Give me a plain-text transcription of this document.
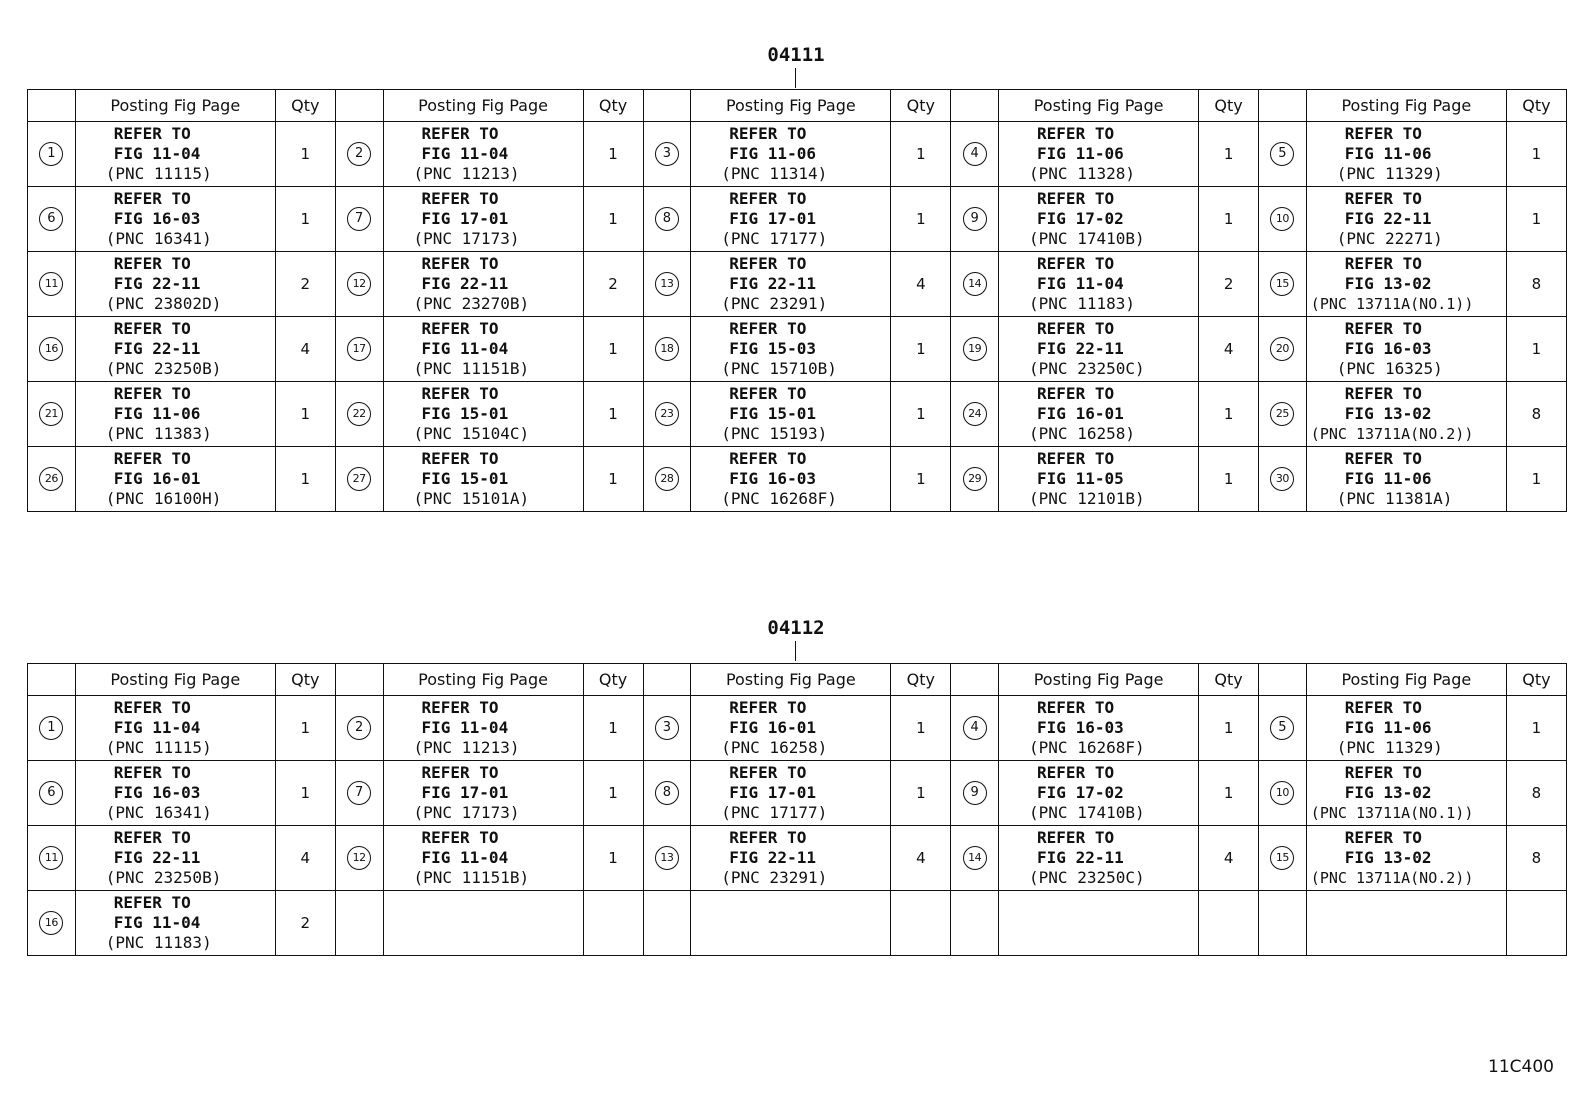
04111
	Posting Fig Page	Qty		Posting Fig Page	Qty		Posting Fig Page	Qty		Posting Fig Page	Qty		Posting Fig Page	Qty
1	REFER TO
FIG 11-04
(PNC 11115)	1	2	REFER TO
FIG 11-04
(PNC 11213)	1	3	REFER TO
FIG 11-06
(PNC 11314)	1	4	REFER TO
FIG 11-06
(PNC 11328)	1	5	REFER TO
FIG 11-06
(PNC 11329)	1
6	REFER TO
FIG 16-03
(PNC 16341)	1	7	REFER TO
FIG 17-01
(PNC 17173)	1	8	REFER TO
FIG 17-01
(PNC 17177)	1	9	REFER TO
FIG 17-02
(PNC 17410B)	1	10	REFER TO
FIG 22-11
(PNC 22271)	1
11	REFER TO
FIG 22-11
(PNC 23802D)	2	12	REFER TO
FIG 22-11
(PNC 23270B)	2	13	REFER TO
FIG 22-11
(PNC 23291)	4	14	REFER TO
FIG 11-04
(PNC 11183)	2	15	REFER TO
FIG 13-02
(PNC 13711A(NO.1))	8
16	REFER TO
FIG 22-11
(PNC 23250B)	4	17	REFER TO
FIG 11-04
(PNC 11151B)	1	18	REFER TO
FIG 15-03
(PNC 15710B)	1	19	REFER TO
FIG 22-11
(PNC 23250C)	4	20	REFER TO
FIG 16-03
(PNC 16325)	1
21	REFER TO
FIG 11-06
(PNC 11383)	1	22	REFER TO
FIG 15-01
(PNC 15104C)	1	23	REFER TO
FIG 15-01
(PNC 15193)	1	24	REFER TO
FIG 16-01
(PNC 16258)	1	25	REFER TO
FIG 13-02
(PNC 13711A(NO.2))	8
26	REFER TO
FIG 16-01
(PNC 16100H)	1	27	REFER TO
FIG 15-01
(PNC 15101A)	1	28	REFER TO
FIG 16-03
(PNC 16268F)	1	29	REFER TO
FIG 11-05
(PNC 12101B)	1	30	REFER TO
FIG 11-06
(PNC 11381A)	1
04112
	Posting Fig Page	Qty		Posting Fig Page	Qty		Posting Fig Page	Qty		Posting Fig Page	Qty		Posting Fig Page	Qty
1	REFER TO
FIG 11-04
(PNC 11115)	1	2	REFER TO
FIG 11-04
(PNC 11213)	1	3	REFER TO
FIG 16-01
(PNC 16258)	1	4	REFER TO
FIG 16-03
(PNC 16268F)	1	5	REFER TO
FIG 11-06
(PNC 11329)	1
6	REFER TO
FIG 16-03
(PNC 16341)	1	7	REFER TO
FIG 17-01
(PNC 17173)	1	8	REFER TO
FIG 17-01
(PNC 17177)	1	9	REFER TO
FIG 17-02
(PNC 17410B)	1	10	REFER TO
FIG 13-02
(PNC 13711A(NO.1))	8
11	REFER TO
FIG 22-11
(PNC 23250B)	4	12	REFER TO
FIG 11-04
(PNC 11151B)	1	13	REFER TO
FIG 22-11
(PNC 23291)	4	14	REFER TO
FIG 22-11
(PNC 23250C)	4	15	REFER TO
FIG 13-02
(PNC 13711A(NO.2))	8
16	REFER TO
FIG 11-04
(PNC 11183)	2												
11C400
